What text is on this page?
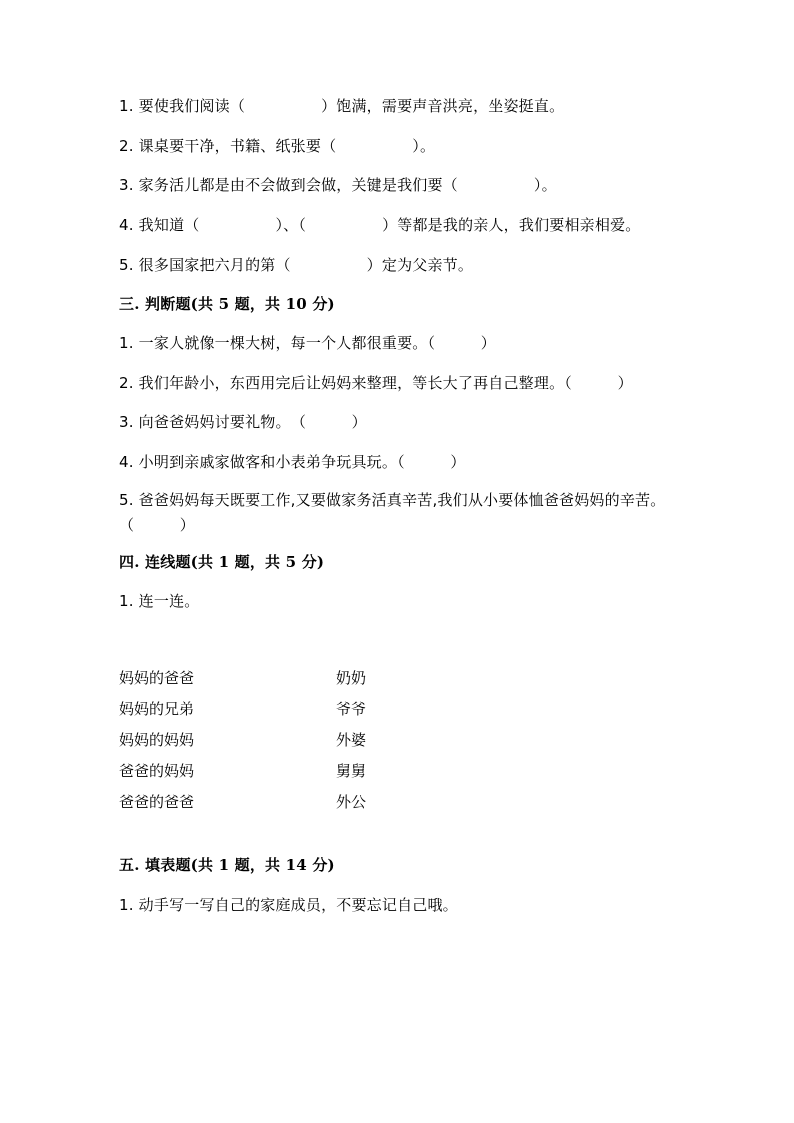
1. 要使我们阅读（　　　　　）饱满，需要声音洪亮，坐姿挺直。
2. 课桌要干净，书籍、纸张要（　　　　　）。
3. 家务活儿都是由不会做到会做，关键是我们要（　　　　　）。
4. 我知道（　　　　　）、（　　　　　）等都是我的亲人，我们要相亲相爱。
5. 很多国家把六月的第（　　　　　）定为父亲节。
三. 判断题(共 5 题，共 10 分)
1. 一家人就像一棵大树，每一个人都很重要。（　　　）
2. 我们年龄小，东西用完后让妈妈来整理，等长大了再自己整理。（　　　）
3. 向爸爸妈妈讨要礼物。　（　　　）
4. 小明到亲戚家做客和小表弟争玩具玩。（　　　）
5. 爸爸妈妈每天既要工作,又要做家务活真辛苦,我们从小要体恤爸爸妈妈的辛苦。（　　　）
四. 连线题(共 1 题，共 5 分)
1. 连一连。
妈妈的爸爸
妈妈的兄弟
妈妈的妈妈
爸爸的妈妈
爸爸的爸爸
奶奶
爷爷
外婆
舅舅
外公
五. 填表题(共 1 题，共 14 分)
1. 动手写一写自己的家庭成员，不要忘记自己哦。
